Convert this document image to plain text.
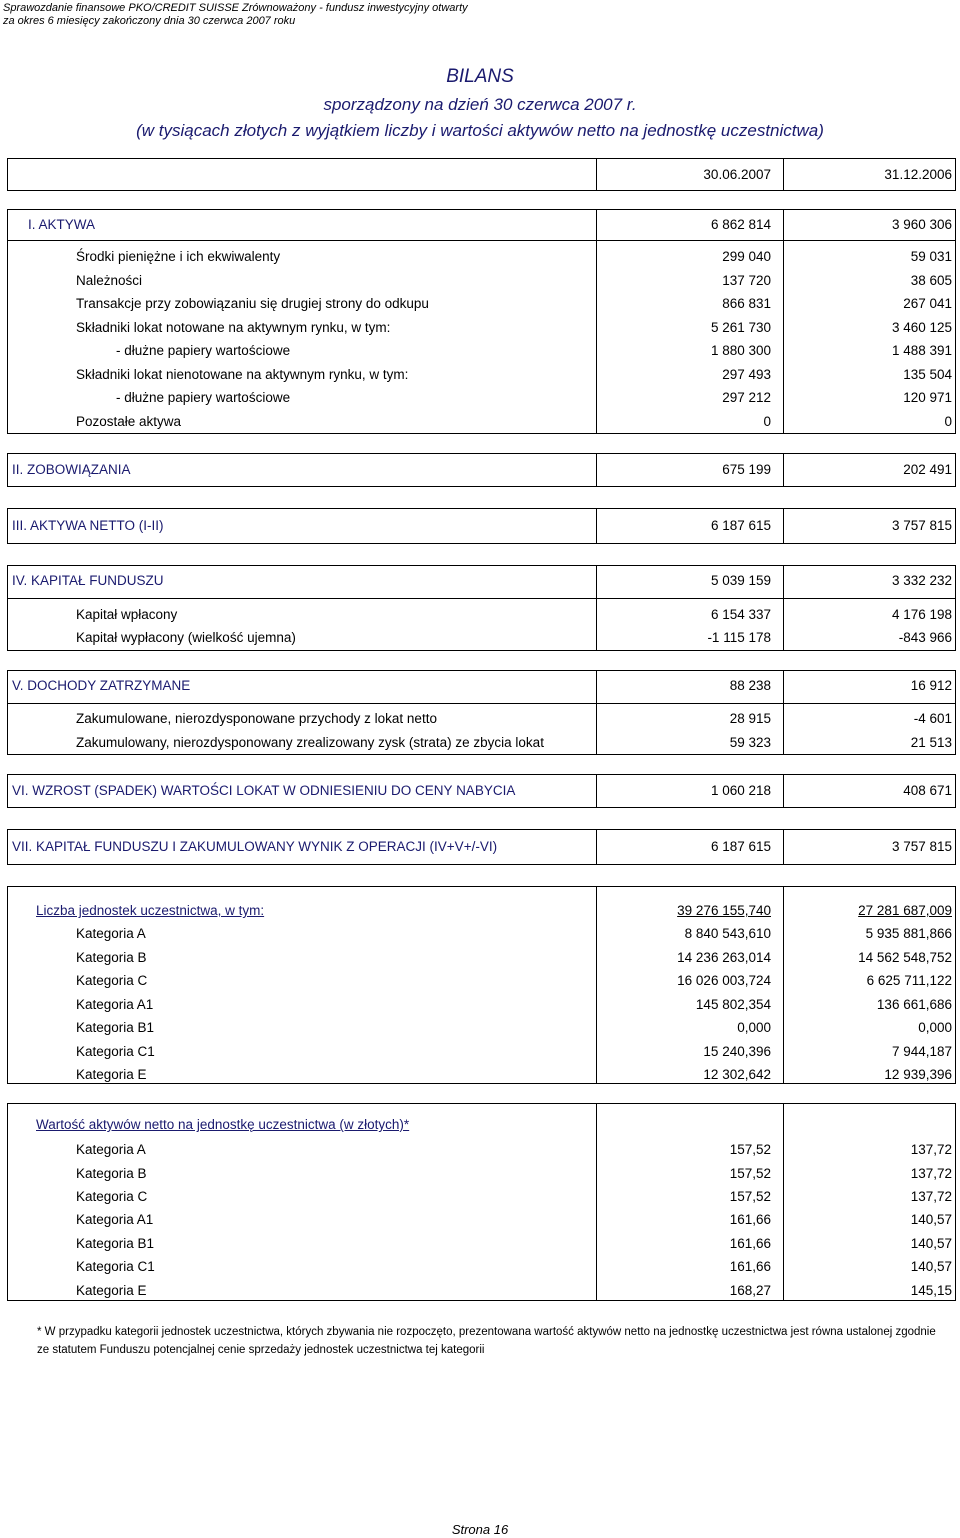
Sprawozdanie finansowe PKO/CREDIT SUISSE Zrównoważony - fundusz inwestycyjny otwarty
za okres 6 miesięcy zakończony dnia 30 czerwca 2007 roku
BILANS
sporządzony na dzień 30 czerwca 2007 r.
(w tysiącach złotych z wyjątkiem liczby i wartości aktywów netto na jednostkę uczestnictwa)
30.06.2007	31.12.2006
I. AKTYWA	6 862 814	3 960 306
Środki pieniężne i ich ekwiwalenty	299 040	59 031
Należności	137 720	38 605
Transakcje przy zobowiązaniu się drugiej strony do odkupu	866 831	267 041
Składniki lokat notowane na aktywnym rynku, w tym:	5 261 730	3 460 125
- dłużne papiery wartościowe	1 880 300	1 488 391
Składniki lokat nienotowane na aktywnym rynku, w tym:	297 493	135 504
- dłużne papiery wartościowe	297 212	120 971
Pozostałe aktywa	0	0
II. ZOBOWIĄZANIA	675 199	202 491
III. AKTYWA NETTO (I-II)	6 187 615	3 757 815
IV. KAPITAŁ FUNDUSZU	5 039 159	3 332 232
Kapitał wpłacony	6 154 337	4 176 198
Kapitał wypłacony (wielkość ujemna)	-1 115 178	-843 966
V. DOCHODY ZATRZYMANE	88 238	16 912
Zakumulowane, nierozdysponowane przychody z lokat netto	28 915	-4 601
Zakumulowany, nierozdysponowany zrealizowany zysk (strata) ze zbycia lokat	59 323	21 513
VI. WZROST (SPADEK) WARTOŚCI LOKAT W ODNIESIENIU DO CENY NABYCIA	1 060 218	408 671
VII. KAPITAŁ FUNDUSZU I ZAKUMULOWANY WYNIK Z OPERACJI (IV+V+/-VI)	6 187 615	3 757 815
Liczba jednostek uczestnictwa, w tym:	39 276 155,740	27 281 687,009
Kategoria A	8 840 543,610	5 935 881,866
Kategoria B	14 236 263,014	14 562 548,752
Kategoria C	16 026 003,724	6 625 711,122
Kategoria A1	145 802,354	136 661,686
Kategoria B1	0,000	0,000
Kategoria C1	15 240,396	7 944,187
Kategoria E	12 302,642	12 939,396
Wartość aktywów netto na jednostkę uczestnictwa (w złotych)*
Kategoria A	157,52	137,72
Kategoria B	157,52	137,72
Kategoria C	157,52	137,72
Kategoria A1	161,66	140,57
Kategoria B1	161,66	140,57
Kategoria C1	161,66	140,57
Kategoria E	168,27	145,15
* W przypadku kategorii jednostek uczestnictwa, których zbywania nie rozpoczęto, prezentowana wartość aktywów netto na jednostkę uczestnictwa jest równa ustalonej zgodnie ze statutem Funduszu potencjalnej cenie sprzedaży jednostek uczestnictwa tej kategorii
Strona 16
